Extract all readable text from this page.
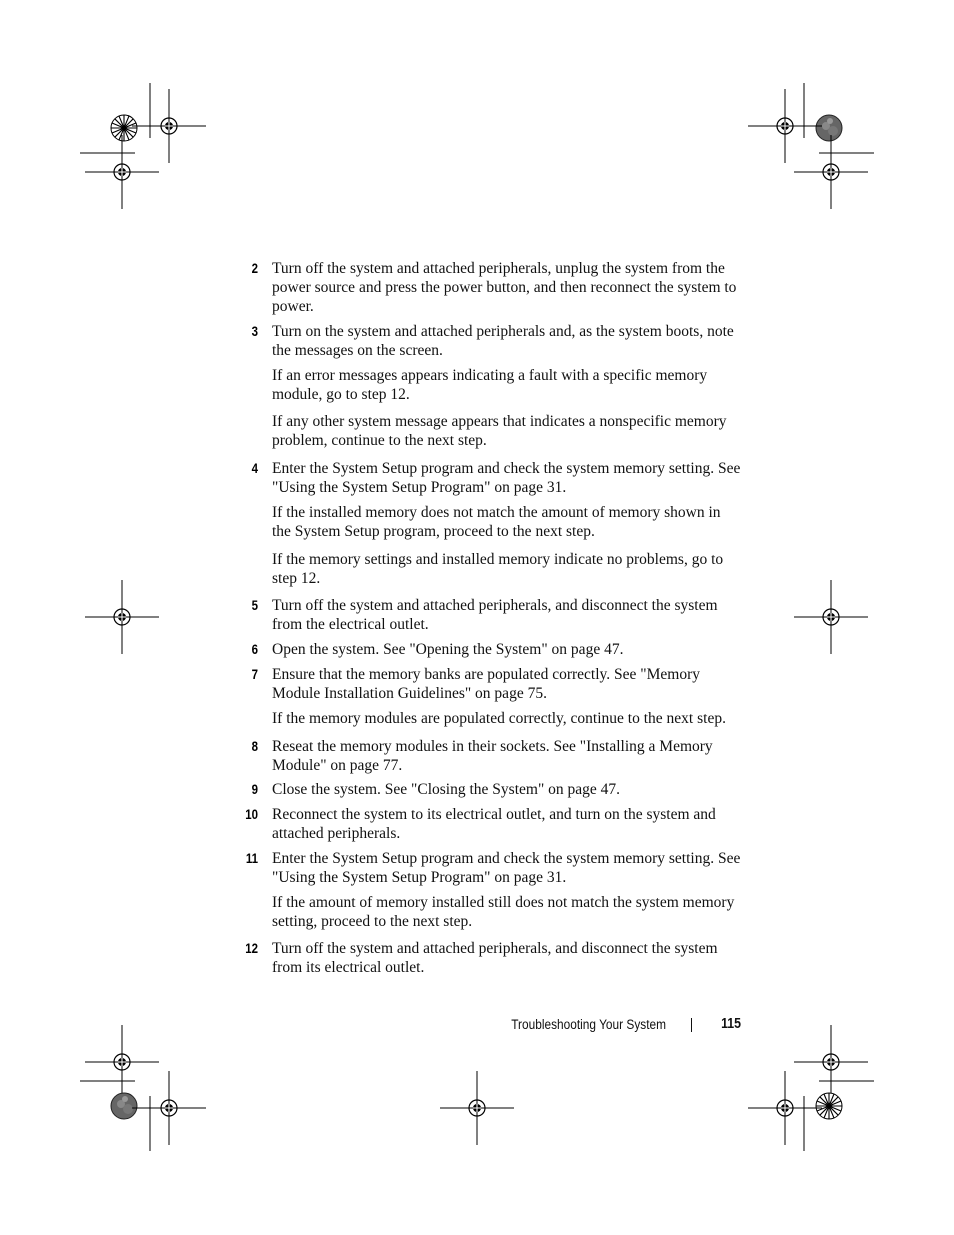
2 Turn off the system and attached peripherals, unplug the system from the power source and press the power button, and then reconnect the system to power.
3 Turn on the system and attached peripherals and, as the system boots, note the messages on the screen.
If an error messages appears indicating a fault with a specific memory module, go to step 12.
If any other system message appears that indicates a nonspecific memory problem, continue to the next step.
4 Enter the System Setup program and check the system memory setting. See "Using the System Setup Program" on page 31.
If the installed memory does not match the amount of memory shown in the System Setup program, proceed to the next step.
If the memory settings and installed memory indicate no problems, go to step 12.
5 Turn off the system and attached peripherals, and disconnect the system from the electrical outlet.
6 Open the system. See "Opening the System" on page 47.
7 Ensure that the memory banks are populated correctly. See "Memory Module Installation Guidelines" on page 75.
If the memory modules are populated correctly, continue to the next step.
8 Reseat the memory modules in their sockets. See "Installing a Memory Module" on page 77.
9 Close the system. See "Closing the System" on page 47.
10 Reconnect the system to its electrical outlet, and turn on the system and attached peripherals.
11 Enter the System Setup program and check the system memory setting. See "Using the System Setup Program" on page 31.
If the amount of memory installed still does not match the system memory setting, proceed to the next step.
12 Turn off the system and attached peripherals, and disconnect the system from its electrical outlet.
Troubleshooting Your System	115
